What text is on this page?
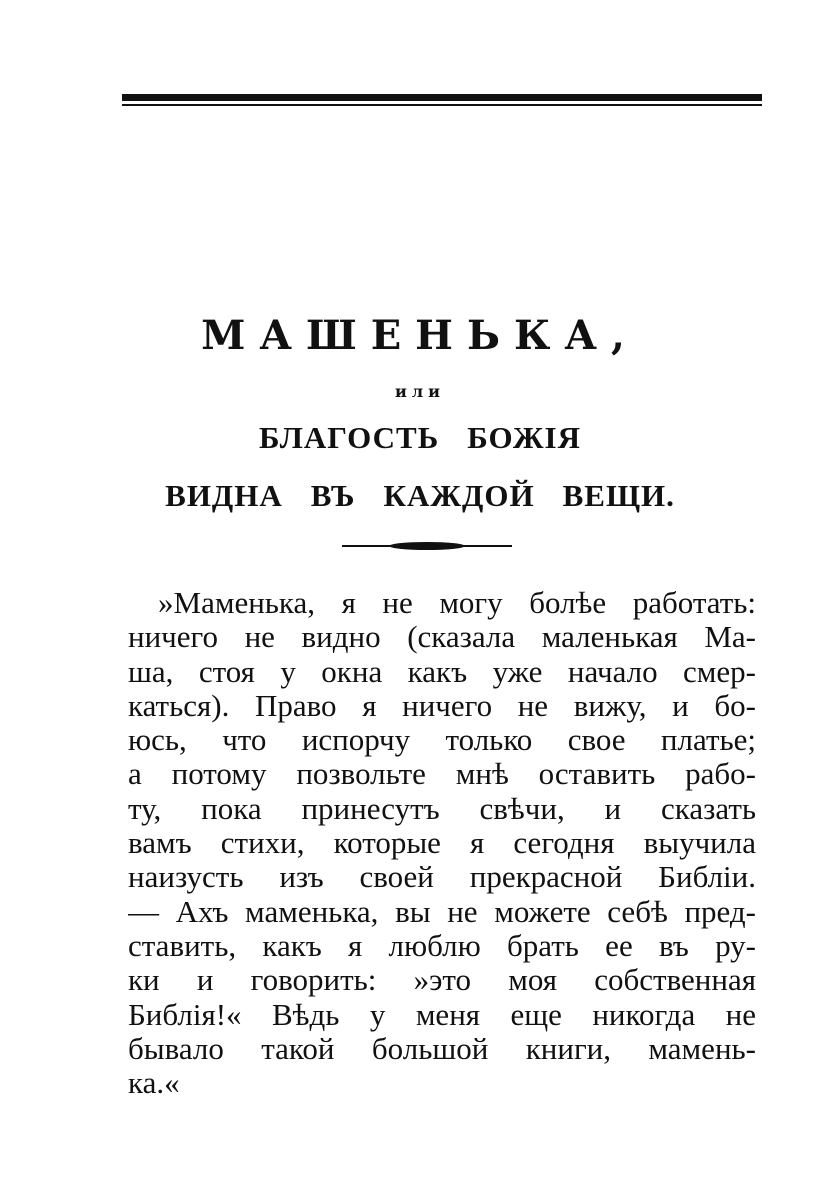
МАШЕНЬКА,
или
БЛАГОСТЬ БОЖІЯ
ВИДНА ВЪ КАЖДОЙ ВЕЩИ.
»Маменька, я не могу болѣе работать:
ничего не видно (сказала маленькая Ма-
ша, стоя у окна какъ уже начало смер-
каться). Право я ничего не вижу, и бо-
юсь, что испорчу только свое платье;
а потому позвольте мнѣ оставить рабо-
ту, пока принесутъ свѣчи, и сказать
вамъ стихи, которые я сегодня выучила
наизусть изъ своей прекрасной Библіи.
— Ахъ маменька, вы не можете себѣ пред-
ставить, какъ я люблю брать ее въ ру-
ки и говорить: »это моя собственная
Библія!« Вѣдь у меня еще никогда не
бывало такой большой книги, мамень-
ка.«
